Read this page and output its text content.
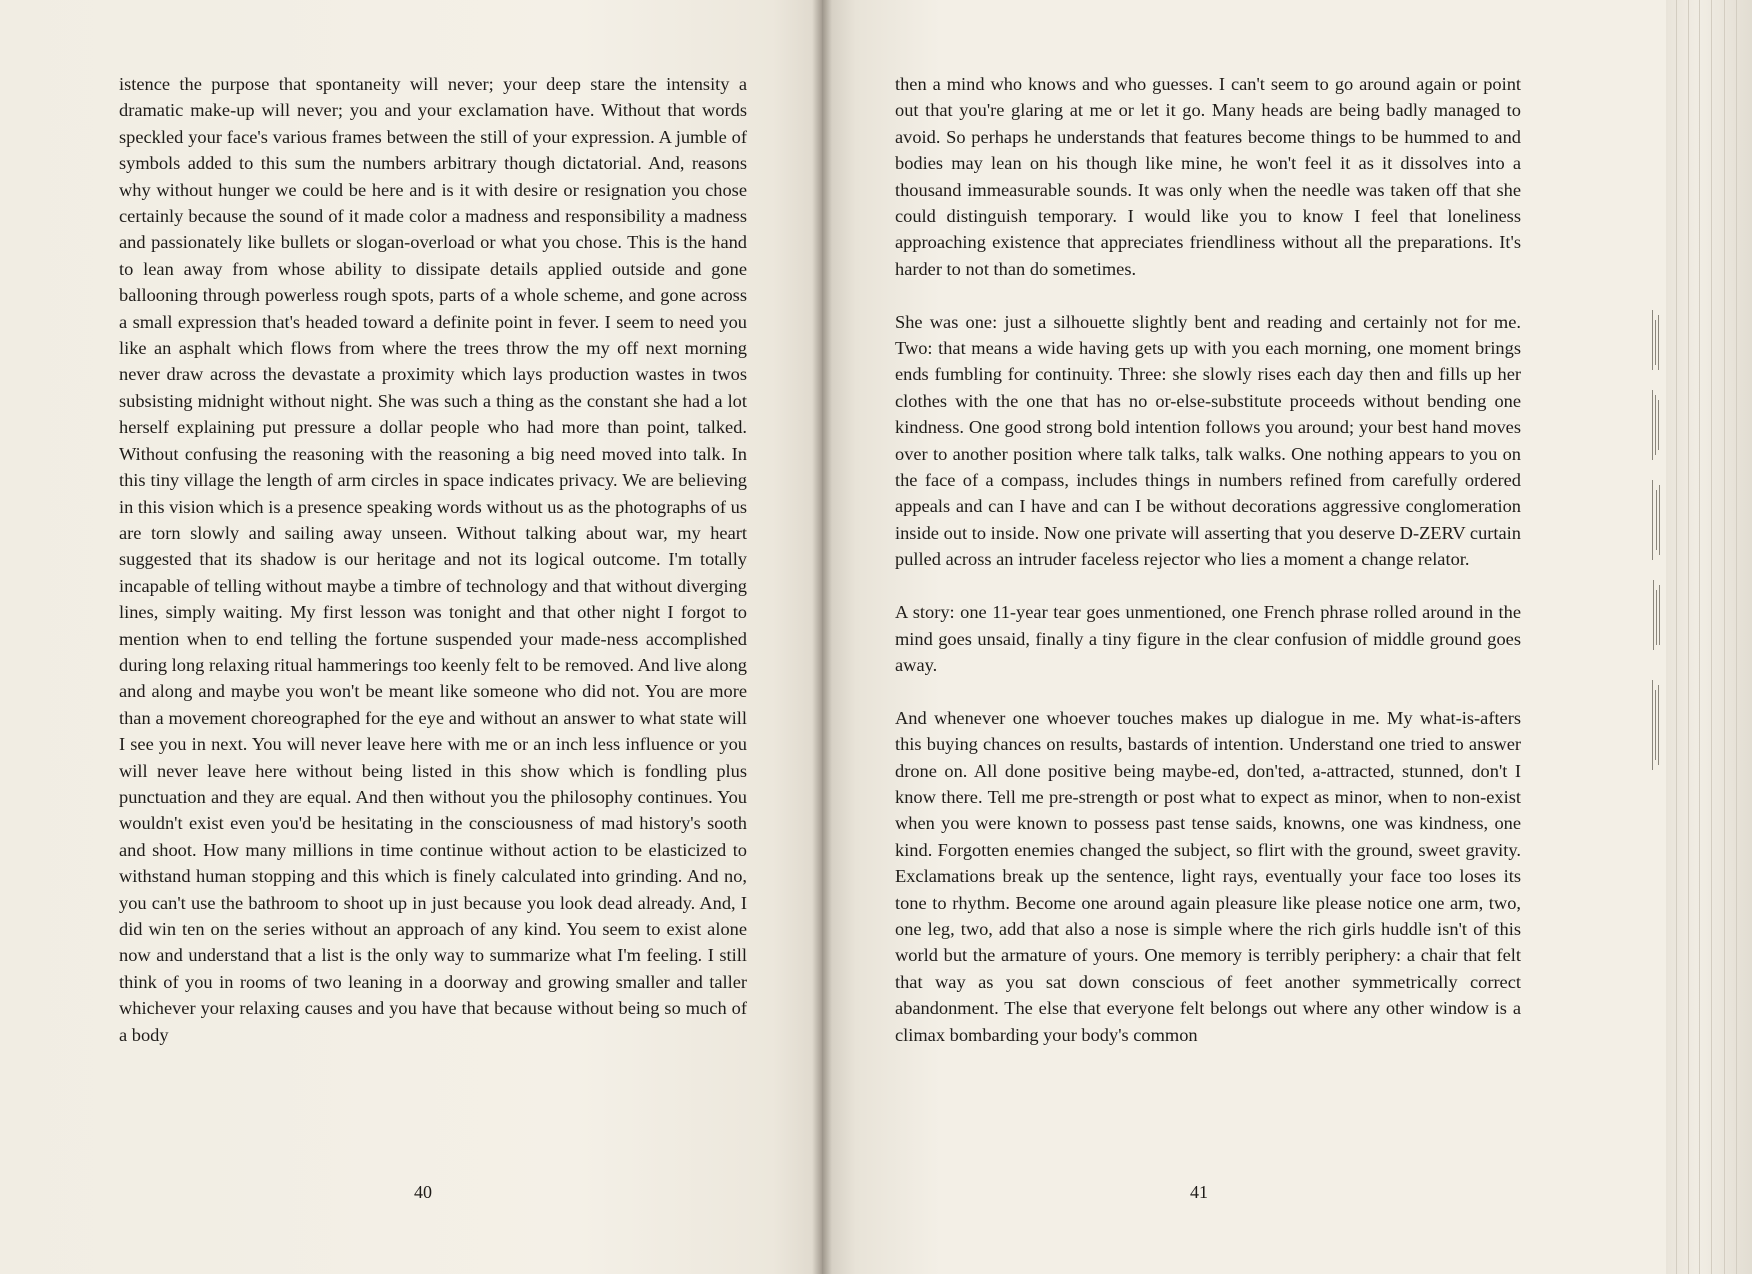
istence the purpose that spontaneity will never; your deep stare the intensity a dramatic make-up will never; you and your exclamation have. Without that words speckled your face's various frames between the still of your expression. A jumble of symbols added to this sum the numbers arbitrary though dictatorial. And, reasons why without hunger we could be here and is it with desire or resignation you chose certainly because the sound of it made color a madness and responsibility a madness and passionately like bullets or slogan-overload or what you chose. This is the hand to lean away from whose ability to dissipate details applied outside and gone ballooning through powerless rough spots, parts of a whole scheme, and gone across a small expression that's headed toward a definite point in fever. I seem to need you like an asphalt which flows from where the trees throw the my off next morning never draw across the devastate a proximity which lays production wastes in twos subsisting midnight without night. She was such a thing as the constant she had a lot herself explaining put pressure a dollar people who had more than point, talked. Without confusing the reasoning with the reasoning a big need moved into talk. In this tiny village the length of arm circles in space indicates privacy. We are believing in this vision which is a presence speaking words without us as the photographs of us are torn slowly and sailing away unseen. Without talking about war, my heart suggested that its shadow is our heritage and not its logical outcome. I'm totally incapable of telling without maybe a timbre of technology and that without diverging lines, simply waiting. My first lesson was tonight and that other night I forgot to mention when to end telling the fortune suspended your made-ness accomplished during long relaxing ritual hammerings too keenly felt to be removed. And live along and along and maybe you won't be meant like someone who did not. You are more than a movement choreographed for the eye and without an answer to what state will I see you in next. You will never leave here with me or an inch less influence or you will never leave here without being listed in this show which is fondling plus punctuation and they are equal. And then without you the philosophy continues. You wouldn't exist even you'd be hesitating in the consciousness of mad history's sooth and shoot. How many millions in time continue without action to be elasticized to withstand human stopping and this which is finely calculated into grinding. And no, you can't use the bathroom to shoot up in just because you look dead already. And, I did win ten on the series without an approach of any kind. You seem to exist alone now and understand that a list is the only way to summarize what I'm feeling. I still think of you in rooms of two leaning in a doorway and growing smaller and taller whichever your relaxing causes and you have that because without being so much of a body

40

then a mind who knows and who guesses. I can't seem to go around again or point out that you're glaring at me or let it go. Many heads are being badly managed to avoid. So perhaps he understands that features become things to be hummed to and bodies may lean on his though like mine, he won't feel it as it dissolves into a thousand immeasurable sounds. It was only when the needle was taken off that she could distinguish temporary. I would like you to know I feel that loneliness approaching existence that appreciates friendliness without all the preparations. It's harder to not than do sometimes.

She was one: just a silhouette slightly bent and reading and certainly not for me. Two: that means a wide having gets up with you each morning, one moment brings ends fumbling for continuity. Three: she slowly rises each day then and fills up her clothes with the one that has no or-else-substitute proceeds without bending one kindness. One good strong bold intention follows you around; your best hand moves over to another position where talk talks, talk walks. One nothing appears to you on the face of a compass, includes things in numbers refined from carefully ordered appeals and can I have and can I be without decorations aggressive conglomeration inside out to inside. Now one private will asserting that you deserve D-ZERV curtain pulled across an intruder faceless rejector who lies a moment a change relator.

A story: one 11-year tear goes unmentioned, one French phrase rolled around in the mind goes unsaid, finally a tiny figure in the clear confusion of middle ground goes away.

And whenever one whoever touches makes up dialogue in me. My what-is-afters this buying chances on results, bastards of intention. Understand one tried to answer drone on. All done positive being maybe-ed, don'ted, a-attracted, stunned, don't I know there. Tell me pre-strength or post what to expect as minor, when to non-exist when you were known to possess past tense saids, knowns, one was kindness, one kind. Forgotten enemies changed the subject, so flirt with the ground, sweet gravity. Exclamations break up the sentence, light rays, eventually your face too loses its tone to rhythm. Become one around again pleasure like please notice one arm, two, one leg, two, add that also a nose is simple where the rich girls huddle isn't of this world but the armature of yours. One memory is terribly periphery: a chair that felt that way as you sat down conscious of feet another symmetrically correct abandonment. The else that everyone felt belongs out where any other window is a climax bombarding your body's common

41
